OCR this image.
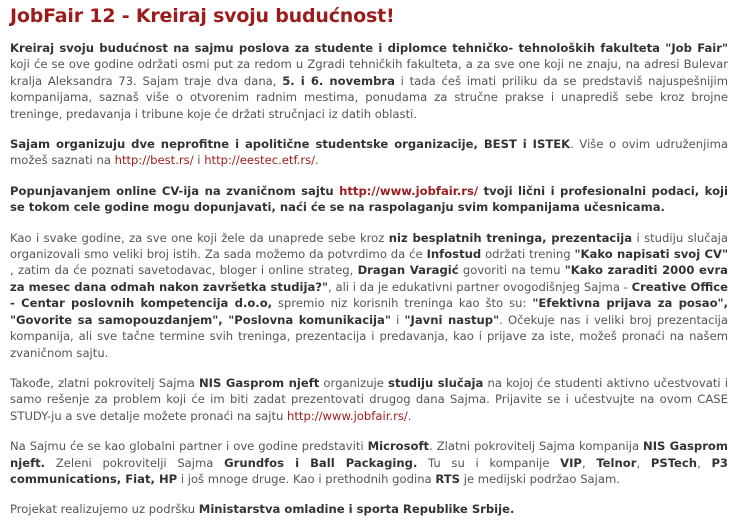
JobFair 12 - Kreiraj svoju budućnost!

Kreiraj svoju budućnost na sajmu poslova za studente i diplomce tehničko- tehnoloških fakulteta "Job Fair" koji će se ove godine održati osmi put za redom u Zgradi tehničkih fakulteta, a za sve one koji ne znaju, na adresi Bulevar kralja Aleksandra 73. Sajam traje dva dana, 5. i 6. novembra i tada ćeš imati priliku da se predstaviš najuspešnijim kompanijama, saznaš više o otvorenim radnim mestima, ponudama za stručne prakse i unaprediš sebe kroz brojne treninge, predavanja i tribune koje će držati stručnjaci iz datih oblasti.

Sajam organizuju dve neprofitne i apolitične studentske organizacije, BEST i ISTEK. Više o ovim udruženjima možeš saznati na http://best.rs/ i http://eestec.etf.rs/.

Popunjavanjem online CV-ija na zvaničnom sajtu http://www.jobfair.rs/ tvoji lični i profesionalni podaci, koji se tokom cele godine mogu dopunjavati, naći će se na raspolaganju svim kompanijama učesnicama.

Kao i svake godine, za sve one koji žele da unaprede sebe kroz niz besplatnih treninga, prezentacija i studiju slučaja organizovali smo veliki broj istih. Za sada možemo da potvrdimo da će Infostud održati trening "Kako napisati svoj CV" , zatim da će poznati savetodavac, bloger i online strateg, Dragan Varagić govoriti na temu "Kako zaraditi 2000 evra za mesec dana odmah nakon završetka studija?", ali i da je edukativni partner ovogodišnjeg Sajma - Creative Office - Centar poslovnih kompetencija d.o.o, spremio niz korisnih treninga kao što su: "Efektivna prijava za posao", "Govorite sa samopouzdanjem", "Poslovna komunikacija" i "Javni nastup". Očekuje nas i veliki broj prezentacija kompanija, ali sve tačne termine svih treninga, prezentacija i predavanja, kao i prijave za iste, možeš pronaći na našem zvaničnom sajtu.

Takođe, zlatni pokrovitelj Sajma NIS Gasprom njeft organizuje studiju slučaja na kojoj će studenti aktivno učestvovati i samo rešenje za problem koji će im biti zadat prezentovati drugog dana Sajma. Prijavite se i učestvujte na ovom CASE STUDY-ju a sve detalje možete pronaći na sajtu http://www.jobfair.rs/.

Na Sajmu će se kao globalni partner i ove godine predstaviti Microsoft. Zlatni pokrovitelj Sajma kompanija NIS Gasprom njeft. Zeleni pokrovitelji Sajma Grundfos i Ball Packaging. Tu su i kompanije VIP, Telnor, PSTech, P3 communications, Fiat, HP i još mnoge druge. Kao i prethodnih godina RTS je medijski podržao Sajam.

Projekat realizujemo uz podršku Ministarstva omladine i sporta Republike Srbije.
